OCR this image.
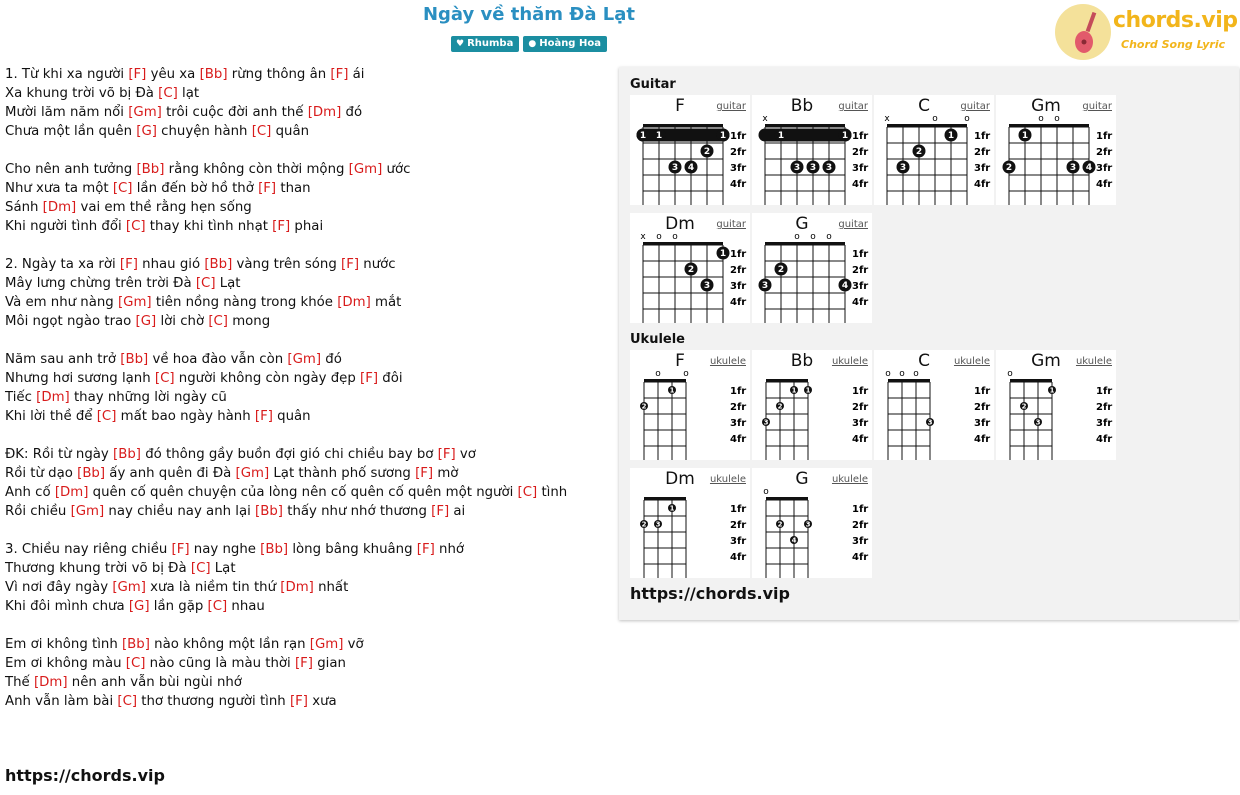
Ngày về thăm Đà Lạt
♥ Rhumba	● Hoàng Hoa
chords.vip
Chord Song Lyric
1. Từ khi xa người [F] yêu xa [Bb] rừng thông ân [F] ái
Xa khung trời võ bị Đà [C] lạt
Mười lăm năm nổi [Gm] trôi cuộc đời anh thế [Dm] đó
Chưa một lần quên [G] chuyện hành [C] quân
Cho nên anh tưởng [Bb] rằng không còn thời mộng [Gm] ước
Như xưa ta một [C] lần đến bờ hồ thở [F] than
Sánh [Dm] vai em thề rằng hẹn sống
Khi người tình đổi [C] thay khi tình nhạt [F] phai
2. Ngày ta xa rời [F] nhau gió [Bb] vàng trên sóng [F] nước
Mây lưng chừng trên trời Đà [C] Lạt
Và em như nàng [Gm] tiên nồng nàng trong khóe [Dm] mắt
Môi ngọt ngào trao [G] lời chờ [C] mong
Năm sau anh trở [Bb] về hoa đào vẫn còn [Gm] đó
Nhưng hơi sương lạnh [C] người không còn ngày đẹp [F] đôi
Tiếc [Dm] thay những lời ngày cũ
Khi lời thề để [C] mất bao ngày hành [F] quân
ĐK: Rồi từ ngày [Bb] đó thông gầy buồn đợi gió chi chiều bay bơ [F] vơ
Rồi từ dạo [Bb] ấy anh quên đi Đà [Gm] Lạt thành phố sương [F] mờ
Anh cố [Dm] quên cố quên chuyện của lòng nên cố quên cố quên một người [C] tình
Rồi chiều [Gm] nay chiều nay anh lại [Bb] thấy như nhớ thương [F] ai
3. Chiều nay riêng chiều [F] nay nghe [Bb] lòng bâng khuâng [F] nhớ
Thương khung trời võ bị Đà [C] Lạt
Vì nơi đây ngày [Gm] xưa là niềm tin thứ [Dm] nhất
Khi đôi mình chưa [G] lần gặp [C] nhau
Em ơi không tình [Bb] nào không một lần rạn [Gm] vỡ
Em ơi không màu [C] nào cũng là màu thời [F] gian
Thế [Dm] nên anh vẫn bùi ngùi nhớ
Anh vẫn làm bài [C] thơ thương người tình [F] xưa
https://chords.vip
Guitar
Ukulele
https://chords.vip
F	guitar
3 4
2
1
1 1	1fr
2fr
3fr
4fr
Bb	guitar
x
1
3 3 3
1 1fr
2fr
3fr
4fr
C	guitar
x	o	o
3
2
1 1fr
2fr
3fr
4fr
Gm	guitar
o o
2
1
3 4
1fr
2fr
3fr
4fr
Dm	guitar
x o o
2
3
1 1fr
2fr
3fr
4fr
G	guitar
o o o
3
2
4
1fr
2fr
3fr
4fr
F	ukulele
o o
2
1	1fr
2fr
3fr
4fr
Bb	ukulele
3
2
1 1	1fr
2fr
3fr
4fr
C	ukulele
o o o
3
1fr
2fr
3fr
4fr
Gm	ukulele
o
2
3
1	1fr
2fr
3fr
4fr
Dm	ukulele
2 3
1	1fr
2fr
3fr
4fr
G	ukulele
o
2
4
3
1fr
2fr
3fr
4fr
